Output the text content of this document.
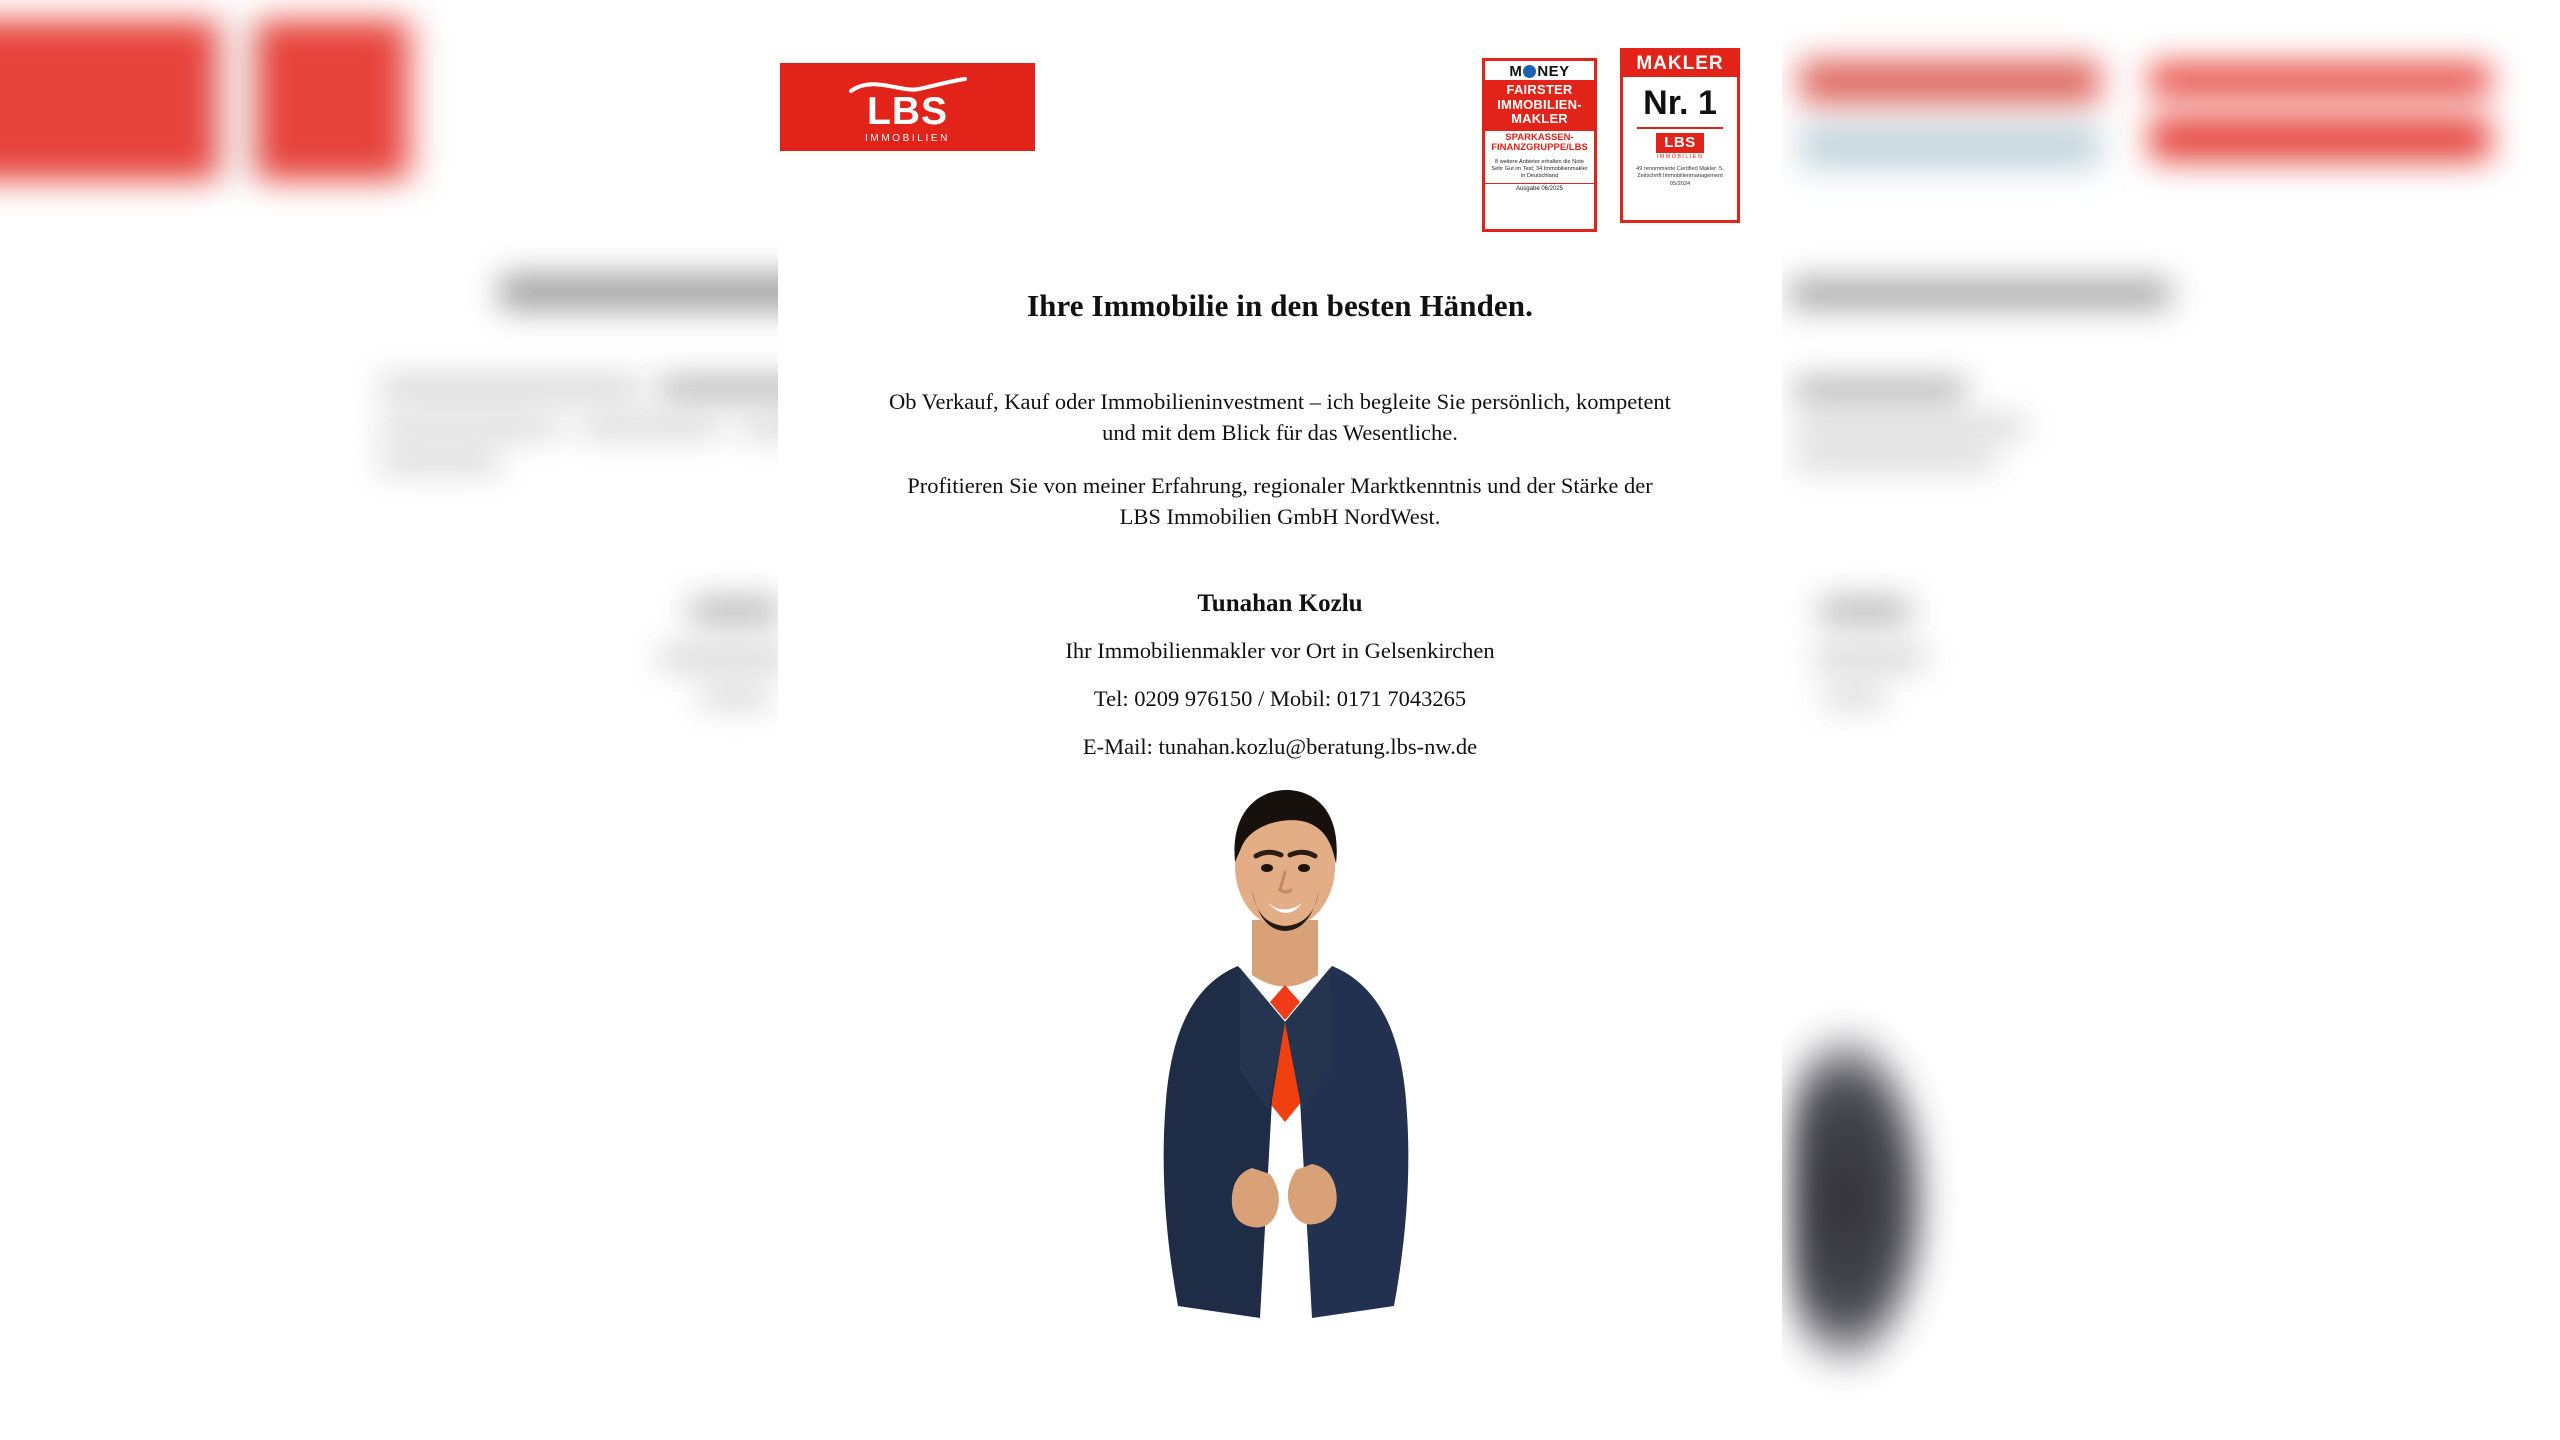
LBS
IMMOBILIEN
M NEY
FAIRSTER
IMMOBILIEN-
MAKLER
SPARKASSEN-
FINANZGRUPPE/LBS
8 weitere Anbieter erhalten die Note Sehr Gut im Test; 34 Immobilienmakler in Deutschland
Ausgabe 06/2025
MAKLER
Nr. 1
LBS
IMMOBILIEN
49 renommierte Certified Makler: 5. Zeitschrift Immobilienmanagement 05/2024
Ihre Immobilie in den besten Händen.
Ob Verkauf, Kauf oder Immobilieninvestment – ich begleite Sie persönlich, kompetent und mit dem Blick für das Wesentliche.
Profitieren Sie von meiner Erfahrung, regionaler Marktkenntnis und der Stärke der LBS Immobilien GmbH NordWest.
Tunahan Kozlu
Ihr Immobilienmakler vor Ort in Gelsenkirchen
Tel: 0209 976150 / Mobil: 0171 7043265
E-Mail: tunahan.kozlu@beratung.lbs-nw.de
